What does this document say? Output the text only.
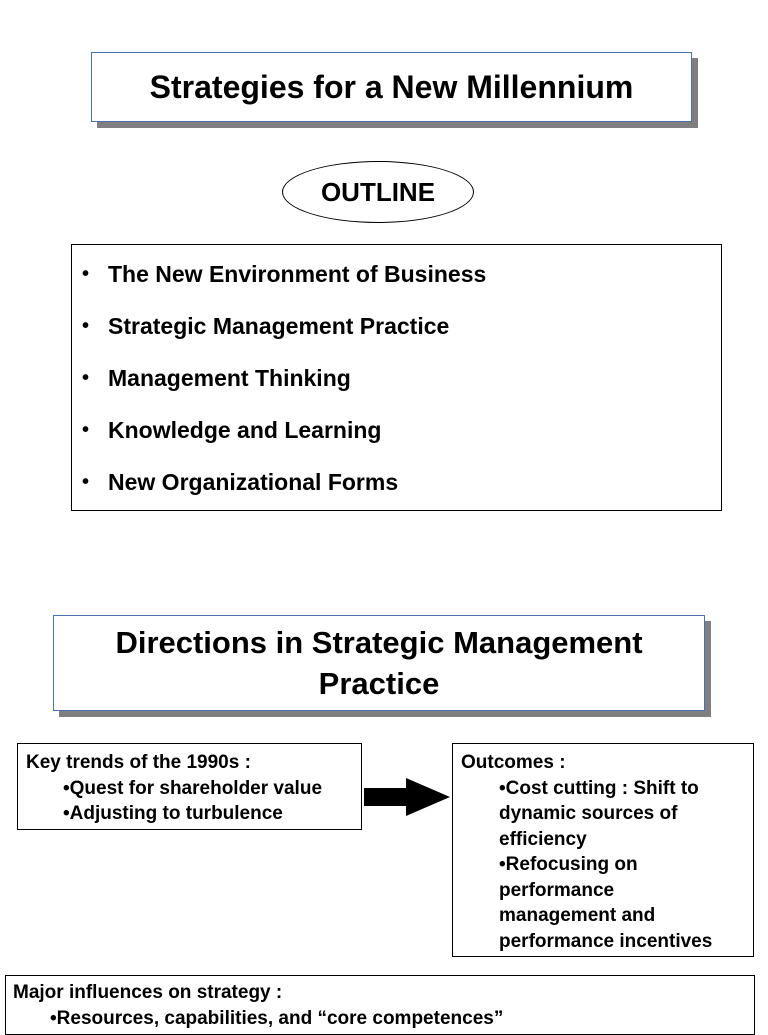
Strategies for a New Millennium
OUTLINE
• The New Environment of Business
• Strategic Management Practice
• Management Thinking
• Knowledge and Learning
• New Organizational Forms
Directions in Strategic Management
Practice
Key trends of the 1990s :
•Quest for shareholder value
•Adjusting to turbulence
Outcomes :
•Cost cutting : Shift to
dynamic sources of
efficiency
•Refocusing on
performance
management and
performance incentives
Major influences on strategy :
•Resources, capabilities, and “core competences”
